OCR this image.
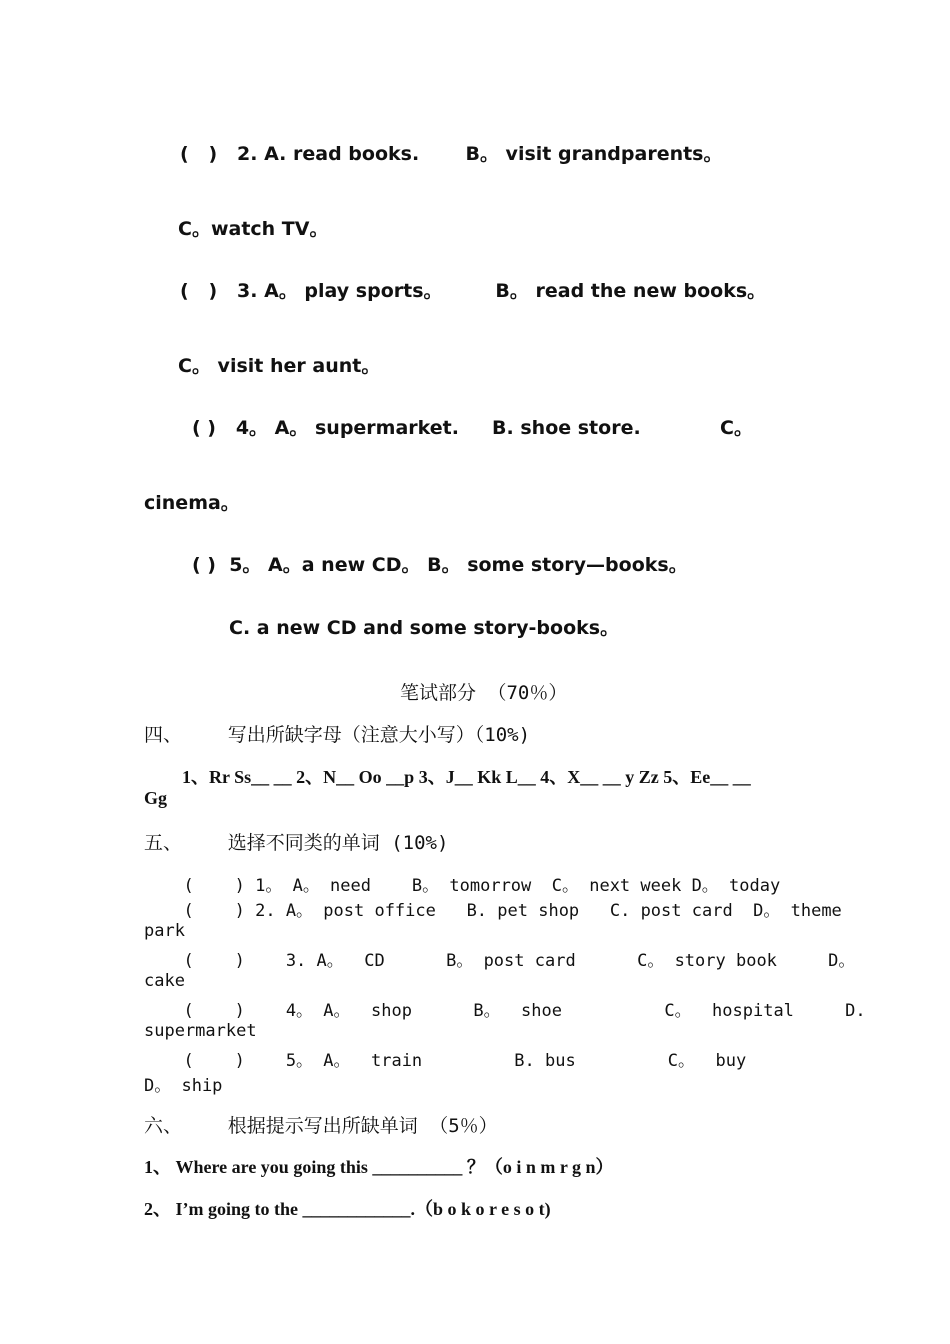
(   )   2. A. read books.       B。 visit grandparents。
C。watch TV。
(   )   3. A。 play sports。        B。 read the new books。
C。 visit her aunt。
( )   4。 A。 supermarket.     B. shoe store.            C。
cinema。
( )  5。 A。a new CD。 B。 some story—books。
C. a new CD and some story-books。
笔试部分 （70％）
四、    写出所缺字母（注意大小写）（10%)
1、Rr Ss__ __ 2、N__ Oo __p 3、J__ Kk L__ 4、X__ __ y Zz 5、Ee__ __
Gg
五、    选择不同类的单词 (10%)
(    ) 1。 A。 need    B。 tomorrow  C。 next week D。 today
(    ) 2. A。 post office   B. pet shop   C. post card  D。 theme
park
(    )    3. A。  CD      B。 post card      C。 story book     D。
cake
(    )    4。 A。  shop      B。  shoe          C。  hospital     D.
supermarket
(    )    5。 A。  train         B. bus         C。  buy
D。 ship
六、    根据提示写出所缺单词 （5％）
1、 Where are you going this __________ ？（o i n m r g n）
2、 I’m going to the ____________.（b o k o r e s o t)
